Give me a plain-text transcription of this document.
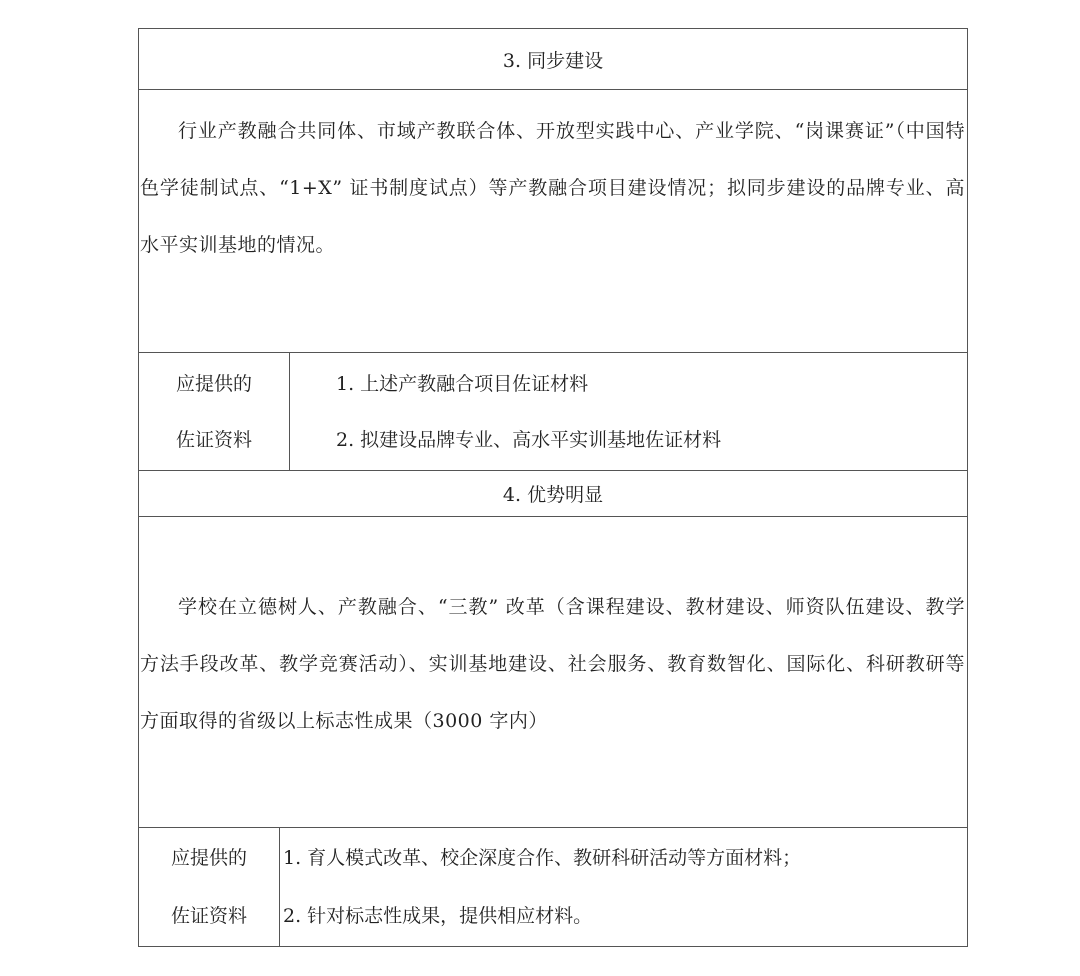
3. 同步建设

行业产教融合共同体、市域产教联合体、开放型实践中心、产业学院、“岗课赛证”（中国特色学徒制试点、“1+X” 证书制度试点）等产教融合项目建设情况；拟同步建设的品牌专业、高水平实训基地的情况。

应提供的
佐证资料
1. 上述产教融合项目佐证材料
2. 拟建设品牌专业、高水平实训基地佐证材料
4. 优势明显

学校在立德树人、产教融合、“三教” 改革（含课程建设、教材建设、师资队伍建设、教学方法手段改革、教学竞赛活动）、实训基地建设、社会服务、教育数智化、国际化、科研教研等方面取得的省级以上标志性成果（3000 字内）

应提供的
佐证资料
1. 育人模式改革、校企深度合作、教研科研活动等方面材料；
2. 针对标志性成果，提供相应材料。
